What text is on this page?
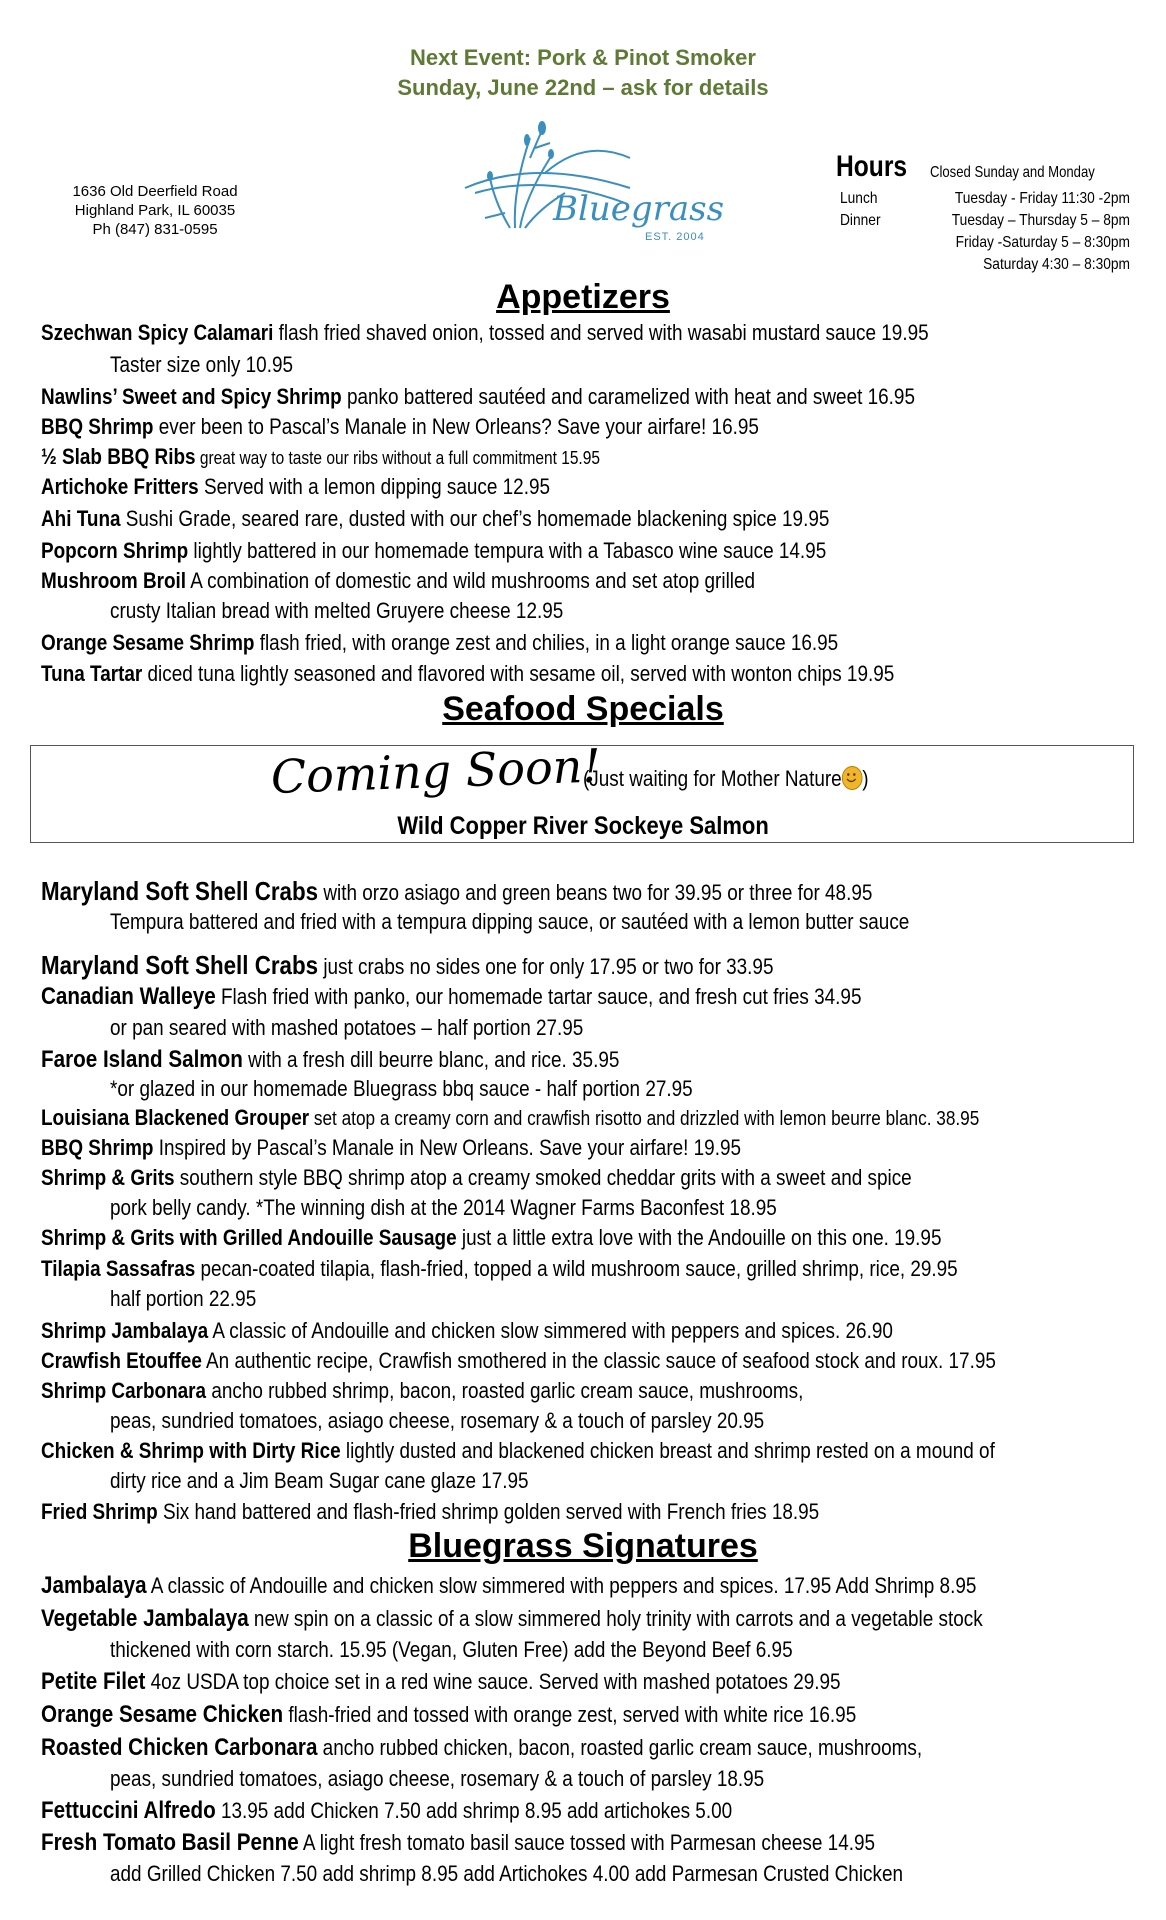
Next Event: Pork & Pinot Smoker
Sunday, June 22nd – ask for details
1636 Old Deerfield Road
Highland Park, IL 60035
Ph (847) 831-0595
Bluegrass
EST. 2004
Hours Closed Sunday and Monday
Lunch	Tuesday - Friday 11:30 -2pm
Dinner	Tuesday – Thursday 5 – 8pm
Friday -Saturday 5 – 8:30pm
Saturday 4:30 – 8:30pm
Appetizers
Szechwan Spicy Calamari flash fried shaved onion, tossed and served with wasabi mustard sauce 19.95
Taster size only 10.95
Nawlins’ Sweet and Spicy Shrimp panko battered sautéed and caramelized with heat and sweet 16.95
BBQ Shrimp ever been to Pascal’s Manale in New Orleans? Save your airfare! 16.95
½ Slab BBQ Ribs great way to taste our ribs without a full commitment 15.95
Artichoke Fritters Served with a lemon dipping sauce 12.95
Ahi Tuna Sushi Grade, seared rare, dusted with our chef’s homemade blackening spice 19.95
Popcorn Shrimp lightly battered in our homemade tempura with a Tabasco wine sauce 14.95
Mushroom Broil A combination of domestic and wild mushrooms and set atop grilled
crusty Italian bread with melted Gruyere cheese 12.95
Orange Sesame Shrimp flash fried, with orange zest and chilies, in a light orange sauce 16.95
Tuna Tartar diced tuna lightly seasoned and flavored with sesame oil, served with wonton chips 19.95
Seafood Specials
Coming Soon!
(Just waiting for Mother Nature )
Wild Copper River Sockeye Salmon
Maryland Soft Shell Crabs with orzo asiago and green beans two for 39.95 or three for 48.95
Tempura battered and fried with a tempura dipping sauce, or sautéed with a lemon butter sauce
Maryland Soft Shell Crabs just crabs no sides one for only 17.95 or two for 33.95
Canadian Walleye Flash fried with panko, our homemade tartar sauce, and fresh cut fries 34.95
or pan seared with mashed potatoes – half portion 27.95
Faroe Island Salmon with a fresh dill beurre blanc, and rice. 35.95
*or glazed in our homemade Bluegrass bbq sauce - half portion 27.95
Louisiana Blackened Grouper set atop a creamy corn and crawfish risotto and drizzled with lemon beurre blanc. 38.95
BBQ Shrimp Inspired by Pascal’s Manale in New Orleans. Save your airfare! 19.95
Shrimp & Grits southern style BBQ shrimp atop a creamy smoked cheddar grits with a sweet and spice
pork belly candy. *The winning dish at the 2014 Wagner Farms Baconfest 18.95
Shrimp & Grits with Grilled Andouille Sausage just a little extra love with the Andouille on this one. 19.95
Tilapia Sassafras pecan-coated tilapia, flash-fried, topped a wild mushroom sauce, grilled shrimp, rice, 29.95
half portion 22.95
Shrimp Jambalaya A classic of Andouille and chicken slow simmered with peppers and spices. 26.90
Crawfish Etouffee An authentic recipe, Crawfish smothered in the classic sauce of seafood stock and roux. 17.95
Shrimp Carbonara ancho rubbed shrimp, bacon, roasted garlic cream sauce, mushrooms,
peas, sundried tomatoes, asiago cheese, rosemary & a touch of parsley 20.95
Chicken & Shrimp with Dirty Rice lightly dusted and blackened chicken breast and shrimp rested on a mound of
dirty rice and a Jim Beam Sugar cane glaze 17.95
Fried Shrimp Six hand battered and flash-fried shrimp golden served with French fries 18.95
Bluegrass Signatures
Jambalaya A classic of Andouille and chicken slow simmered with peppers and spices. 17.95 Add Shrimp 8.95
Vegetable Jambalaya new spin on a classic of a slow simmered holy trinity with carrots and a vegetable stock
thickened with corn starch. 15.95 (Vegan, Gluten Free) add the Beyond Beef 6.95
Petite Filet 4oz USDA top choice set in a red wine sauce. Served with mashed potatoes 29.95
Orange Sesame Chicken flash-fried and tossed with orange zest, served with white rice 16.95
Roasted Chicken Carbonara ancho rubbed chicken, bacon, roasted garlic cream sauce, mushrooms,
peas, sundried tomatoes, asiago cheese, rosemary & a touch of parsley 18.95
Fettuccini Alfredo 13.95 add Chicken 7.50 add shrimp 8.95 add artichokes 5.00
Fresh Tomato Basil Penne A light fresh tomato basil sauce tossed with Parmesan cheese 14.95
add Grilled Chicken 7.50 add shrimp 8.95 add Artichokes 4.00 add Parmesan Crusted Chicken
